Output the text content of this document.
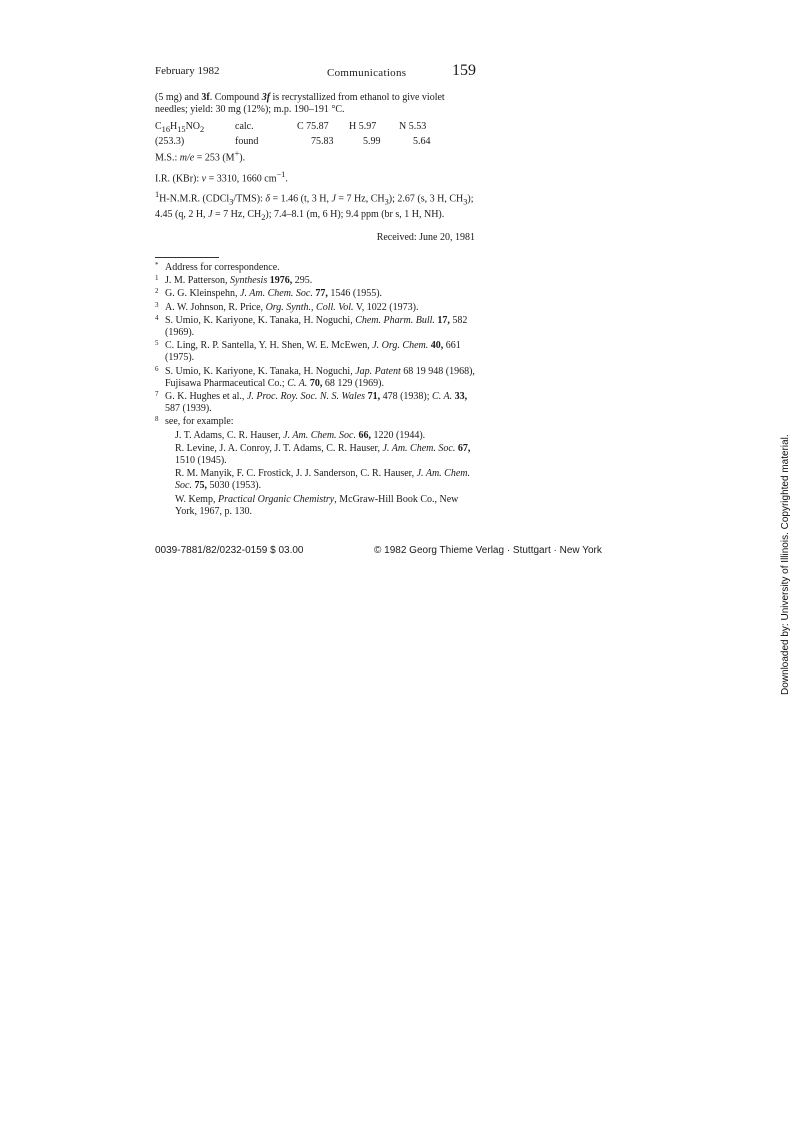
February 1982	Communications	159

(5 mg) and 3f. Compound 3f is recrystallized from ethanol to give violet needles; yield: 30 mg (12%); m.p. 190–191 °C.

$C_{16}H_{15}NO_2$	calc.	C 75.87	H 5.97	N 5.53
(253.3)	found	75.83	5.99	5.64

M.S.: m/e = 253 (M+).

I.R. (KBr): ν = 3310, 1660 $cm^{-1}$.

$^1$H-N.M.R. (CDCl$_3$/TMS): δ = 1.46 (t, 3 H, J = 7 Hz, $CH_3$); 2.67 (s, 3 H, $CH_3$); 4.45 (q, 2 H, J = 7 Hz, $CH_2$); 7.4–8.1 (m, 6 H); 9.4 ppm (br s, 1 H, NH).

Received: June 20, 1981
* Address for correspondence.
1 J. M. Patterson, Synthesis 1976, 295.
2 G. G. Kleinspehn, J. Am. Chem. Soc. 77, 1546 (1955).
3 A. W. Johnson, R. Price, Org. Synth., Coll. Vol. V, 1022 (1973).
4 S. Umio, K. Kariyone, K. Tanaka, H. Noguchi, Chem. Pharm. Bull. 17, 582 (1969).
5 C. Ling, R. P. Santella, Y. H. Shen, W. E. McEwen, J. Org. Chem. 40, 661 (1975).
6 S. Umio, K. Kariyone, K. Tanaka, H. Noguchi, Jap. Patent 68 19 948 (1968), Fujisawa Pharmaceutical Co.; C. A. 70, 68 129 (1969).
7 G. K. Hughes et al., J. Proc. Roy. Soc. N. S. Wales 71, 478 (1938); C. A. 33, 587 (1939).
8 see, for example:
J. T. Adams, C. R. Hauser, J. Am. Chem. Soc. 66, 1220 (1944).
R. Levine, J. A. Conroy, J. T. Adams, C. R. Hauser, J. Am. Chem. Soc. 67, 1510 (1945).
R. M. Manyik, F. C. Frostick, J. J. Sanderson, C. R. Hauser, J. Am. Chem. Soc. 75, 5030 (1953).
W. Kemp, Practical Organic Chemistry, McGraw-Hill Book Co., New York, 1967, p. 130.
0039-7881/82/0232-0159 $ 03.00	© 1982 Georg Thieme Verlag · Stuttgart · New York	Downloaded by: University of Illinois. Copyrighted material.
